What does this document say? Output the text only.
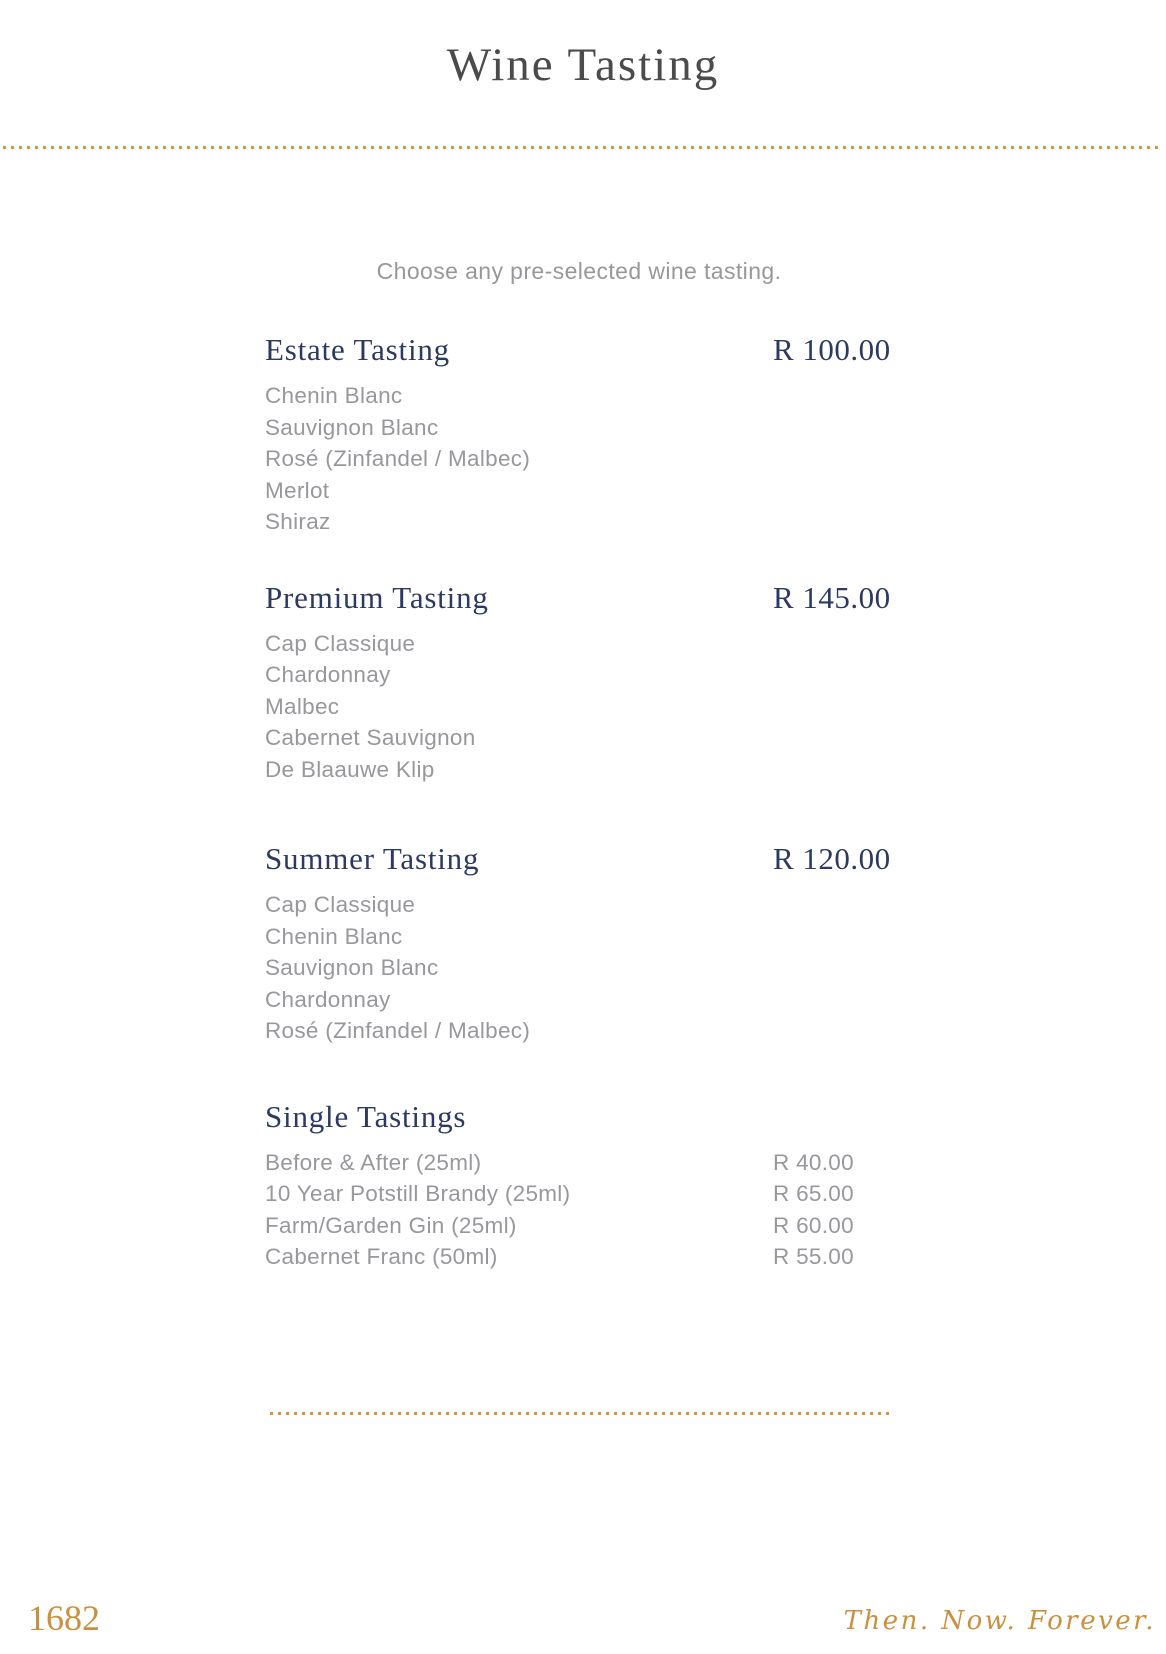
Wine Tasting

Choose any pre-selected wine tasting.

Estate Tasting	R 100.00
Chenin Blanc
Sauvignon Blanc
Rosé (Zinfandel / Malbec)
Merlot
Shiraz
Premium Tasting	R 145.00
Cap Classique
Chardonnay
Malbec
Cabernet Sauvignon
De Blaauwe Klip
Summer Tasting	R 120.00
Cap Classique
Chenin Blanc
Sauvignon Blanc
Chardonnay
Rosé (Zinfandel / Malbec)
Single Tastings
Before & After (25ml)	R 40.00
10 Year Potstill Brandy (25ml)	R 65.00
Farm/Garden Gin (25ml)	R 60.00
Cabernet Franc (50ml)	R 55.00
1682	Then. Now. Forever.
